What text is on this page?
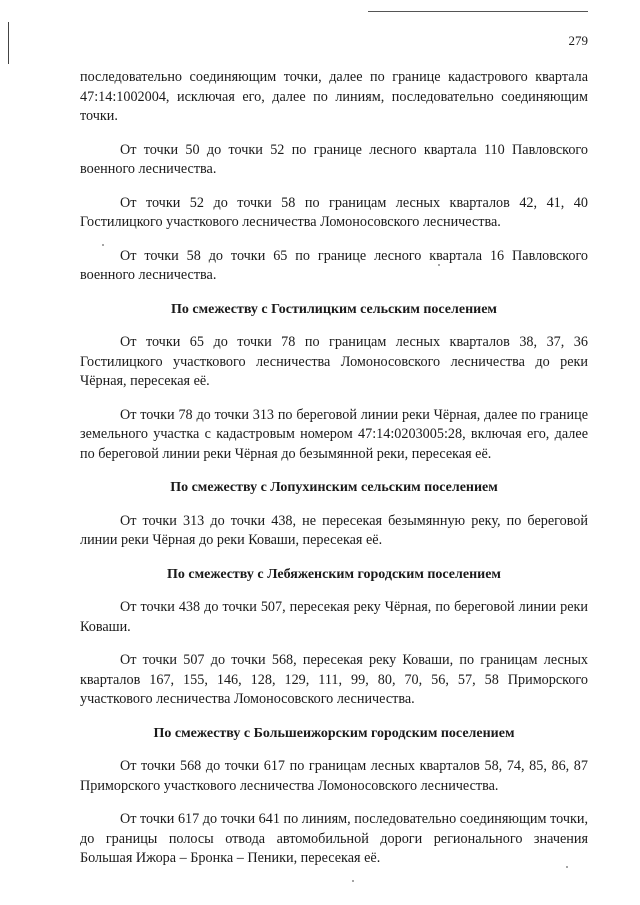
279

последовательно соединяющим точки, далее по границе кадастрового квартала 47:14:1002004, исключая его, далее по линиям, последовательно соединяющим точки.

От точки 50 до точки 52 по границе лесного квартала 110 Павловского военного лесничества.

От точки 52 до точки 58 по границам лесных кварталов 42, 41, 40 Гостилицкого участкового лесничества Ломоносовского лесничества.

От точки 58 до точки 65 по границе лесного квартала 16 Павловского военного лесничества.

По смежеству с Гостилицким сельским поселением

От точки 65 до точки 78 по границам лесных кварталов 38, 37, 36 Гостилицкого участкового лесничества Ломоносовского лесничества до реки Чёрная, пересекая её.

От точки 78 до точки 313 по береговой линии реки Чёрная, далее по границе земельного участка с кадастровым номером 47:14:0203005:28, включая его, далее по береговой линии реки Чёрная до безымянной реки, пересекая её.

По смежеству с Лопухинским сельским поселением

От точки 313 до точки 438, не пересекая безымянную реку, по береговой линии реки Чёрная до реки Коваши, пересекая её.

По смежеству с Лебяженским городским поселением

От точки 438 до точки 507, пересекая реку Чёрная, по береговой линии реки Коваши.

От точки 507 до точки 568, пересекая реку Коваши, по границам лесных кварталов 167, 155, 146, 128, 129, 111, 99, 80, 70, 56, 57, 58 Приморского участкового лесничества Ломоносовского лесничества.

По смежеству с Большеижорским городским поселением

От точки 568 до точки 617 по границам лесных кварталов 58, 74, 85, 86, 87 Приморского участкового лесничества Ломоносовского лесничества.

От точки 617 до точки 641 по линиям, последовательно соединяющим точки, до границы полосы отвода автомобильной дороги регионального значения Большая Ижора – Бронка – Пеники, пересекая её.
